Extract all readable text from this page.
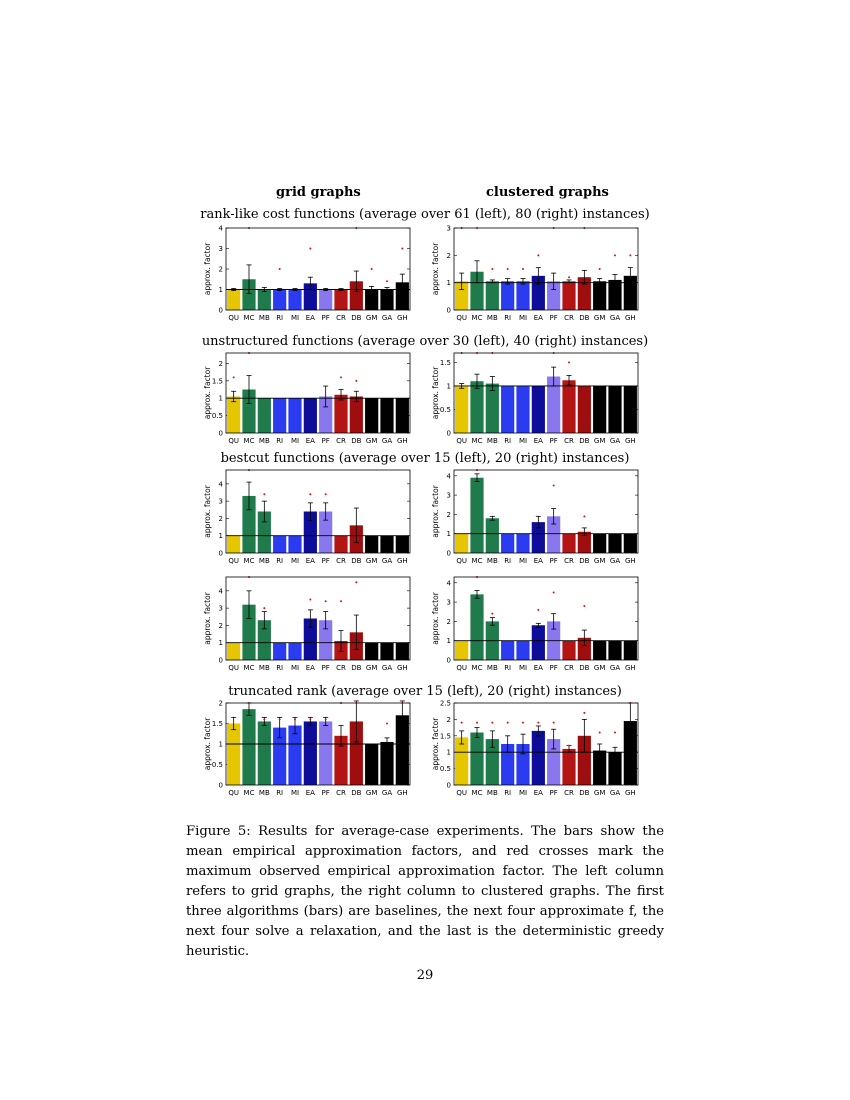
grid graphs	clustered graphs
rank-like cost functions (average over 61 (left), 80 (right) instances)
unstructured functions (average over 30 (left), 40 (right) instances)
bestcut functions (average over 15 (left), 20 (right) instances)
truncated rank (average over 15 (left), 20 (right) instances)
approx. factor
0
1
2
3
4
QU MC MB RI MI EA PF CR DB GM GA GH
approx. factor
0
1
2
3
QU MC MB RI MI EA PF CR DB GM GA GH
approx. factor
0
0.5
1
1.5
2
QU MC MB RI MI EA PF CR DB GM GA GH
approx. factor
0
0.5
1
1.5
QU MC MB RI MI EA PF CR DB GM GA GH
approx. factor
0
1
2
3
4
QU MC MB RI MI EA PF CR DB GM GA GH
approx. factor
0
1
2
3
4
QU MC MB RI MI EA PF CR DB GM GA GH
approx. factor
0
1
2
3
4
QU MC MB RI MI EA PF CR DB GM GA GH
approx. factor
0
1
2
3
4
QU MC MB RI MI EA PF CR DB GM GA GH
approx. factor
0
0.5
1
1.5
2
QU MC MB RI MI EA PF CR DB GM GA GH
approx. factor
0
0.5
1
1.5
2
2.5
QU MC MB RI MI EA PF CR DB GM GA GH
Figure 5: Results for average-case experiments. The bars show the mean empirical approximation factors, and red crosses mark the maximum observed empirical approximation factor. The left column refers to grid graphs, the right column to clustered graphs. The first three algorithms (bars) are baselines, the next four approximate f, the next four solve a relaxation, and the last is the deterministic greedy heuristic.
29
